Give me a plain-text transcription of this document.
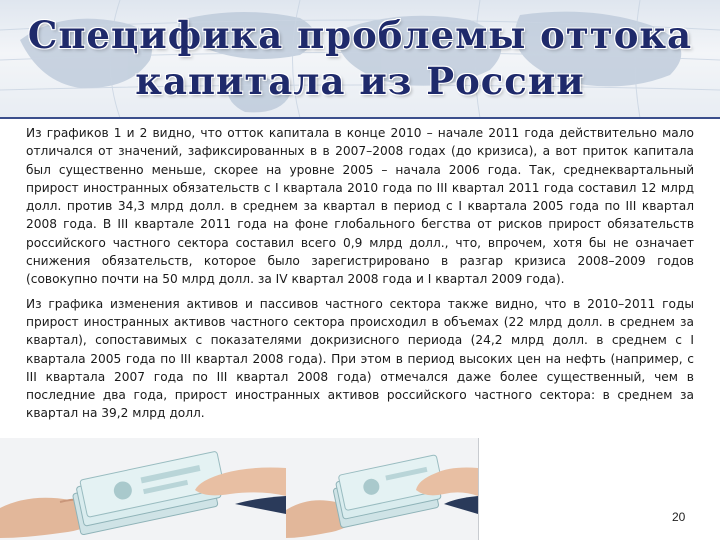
Специфика проблемы оттока
капитала из России

Из графиков 1 и 2 видно, что отток капитала в конце 2010 – начале 2011 года действительно мало отличался от значений, зафиксированных в в 2007–2008 годах (до кризиса), а вот приток капитала был существенно меньше, скорее на уровне 2005 – начала 2006 года. Так, среднеквартальный прирост иностранных обязательств с I квартала 2010 года по III квартал 2011 года составил 12 млрд долл. против 34,3 млрд долл. в среднем за квартал в период с I квартала 2005 года по III квартал 2008 года. В III квартале 2011 года на фоне глобального бегства от рисков прирост обязательств российского частного сектора составил всего 0,9 млрд долл., что, впрочем, хотя бы не означает снижения обязательств, которое было зарегистрировано в разгар кризиса 2008–2009 годов (совокупно почти на 50 млрд долл. за IV квартал 2008 года и I квартал 2009 года).

Из графика изменения активов и пассивов частного сектора также видно, что в 2010–2011 годы прирост иностранных активов частного сектора происходил в объемах (22 млрд долл. в среднем за квартал), сопоставимых с показателями докризисного периода (24,2 млрд долл. в среднем с I квартала 2005 года по III квартал 2008 года). При этом в период высоких цен на нефть (например, с III квартала 2007 года по III квартал 2008 года) отмечался даже более существенный, чем в последние два года, прирост иностранных активов российского частного сектора: в среднем за квартал на 39,2 млрд долл.

20
